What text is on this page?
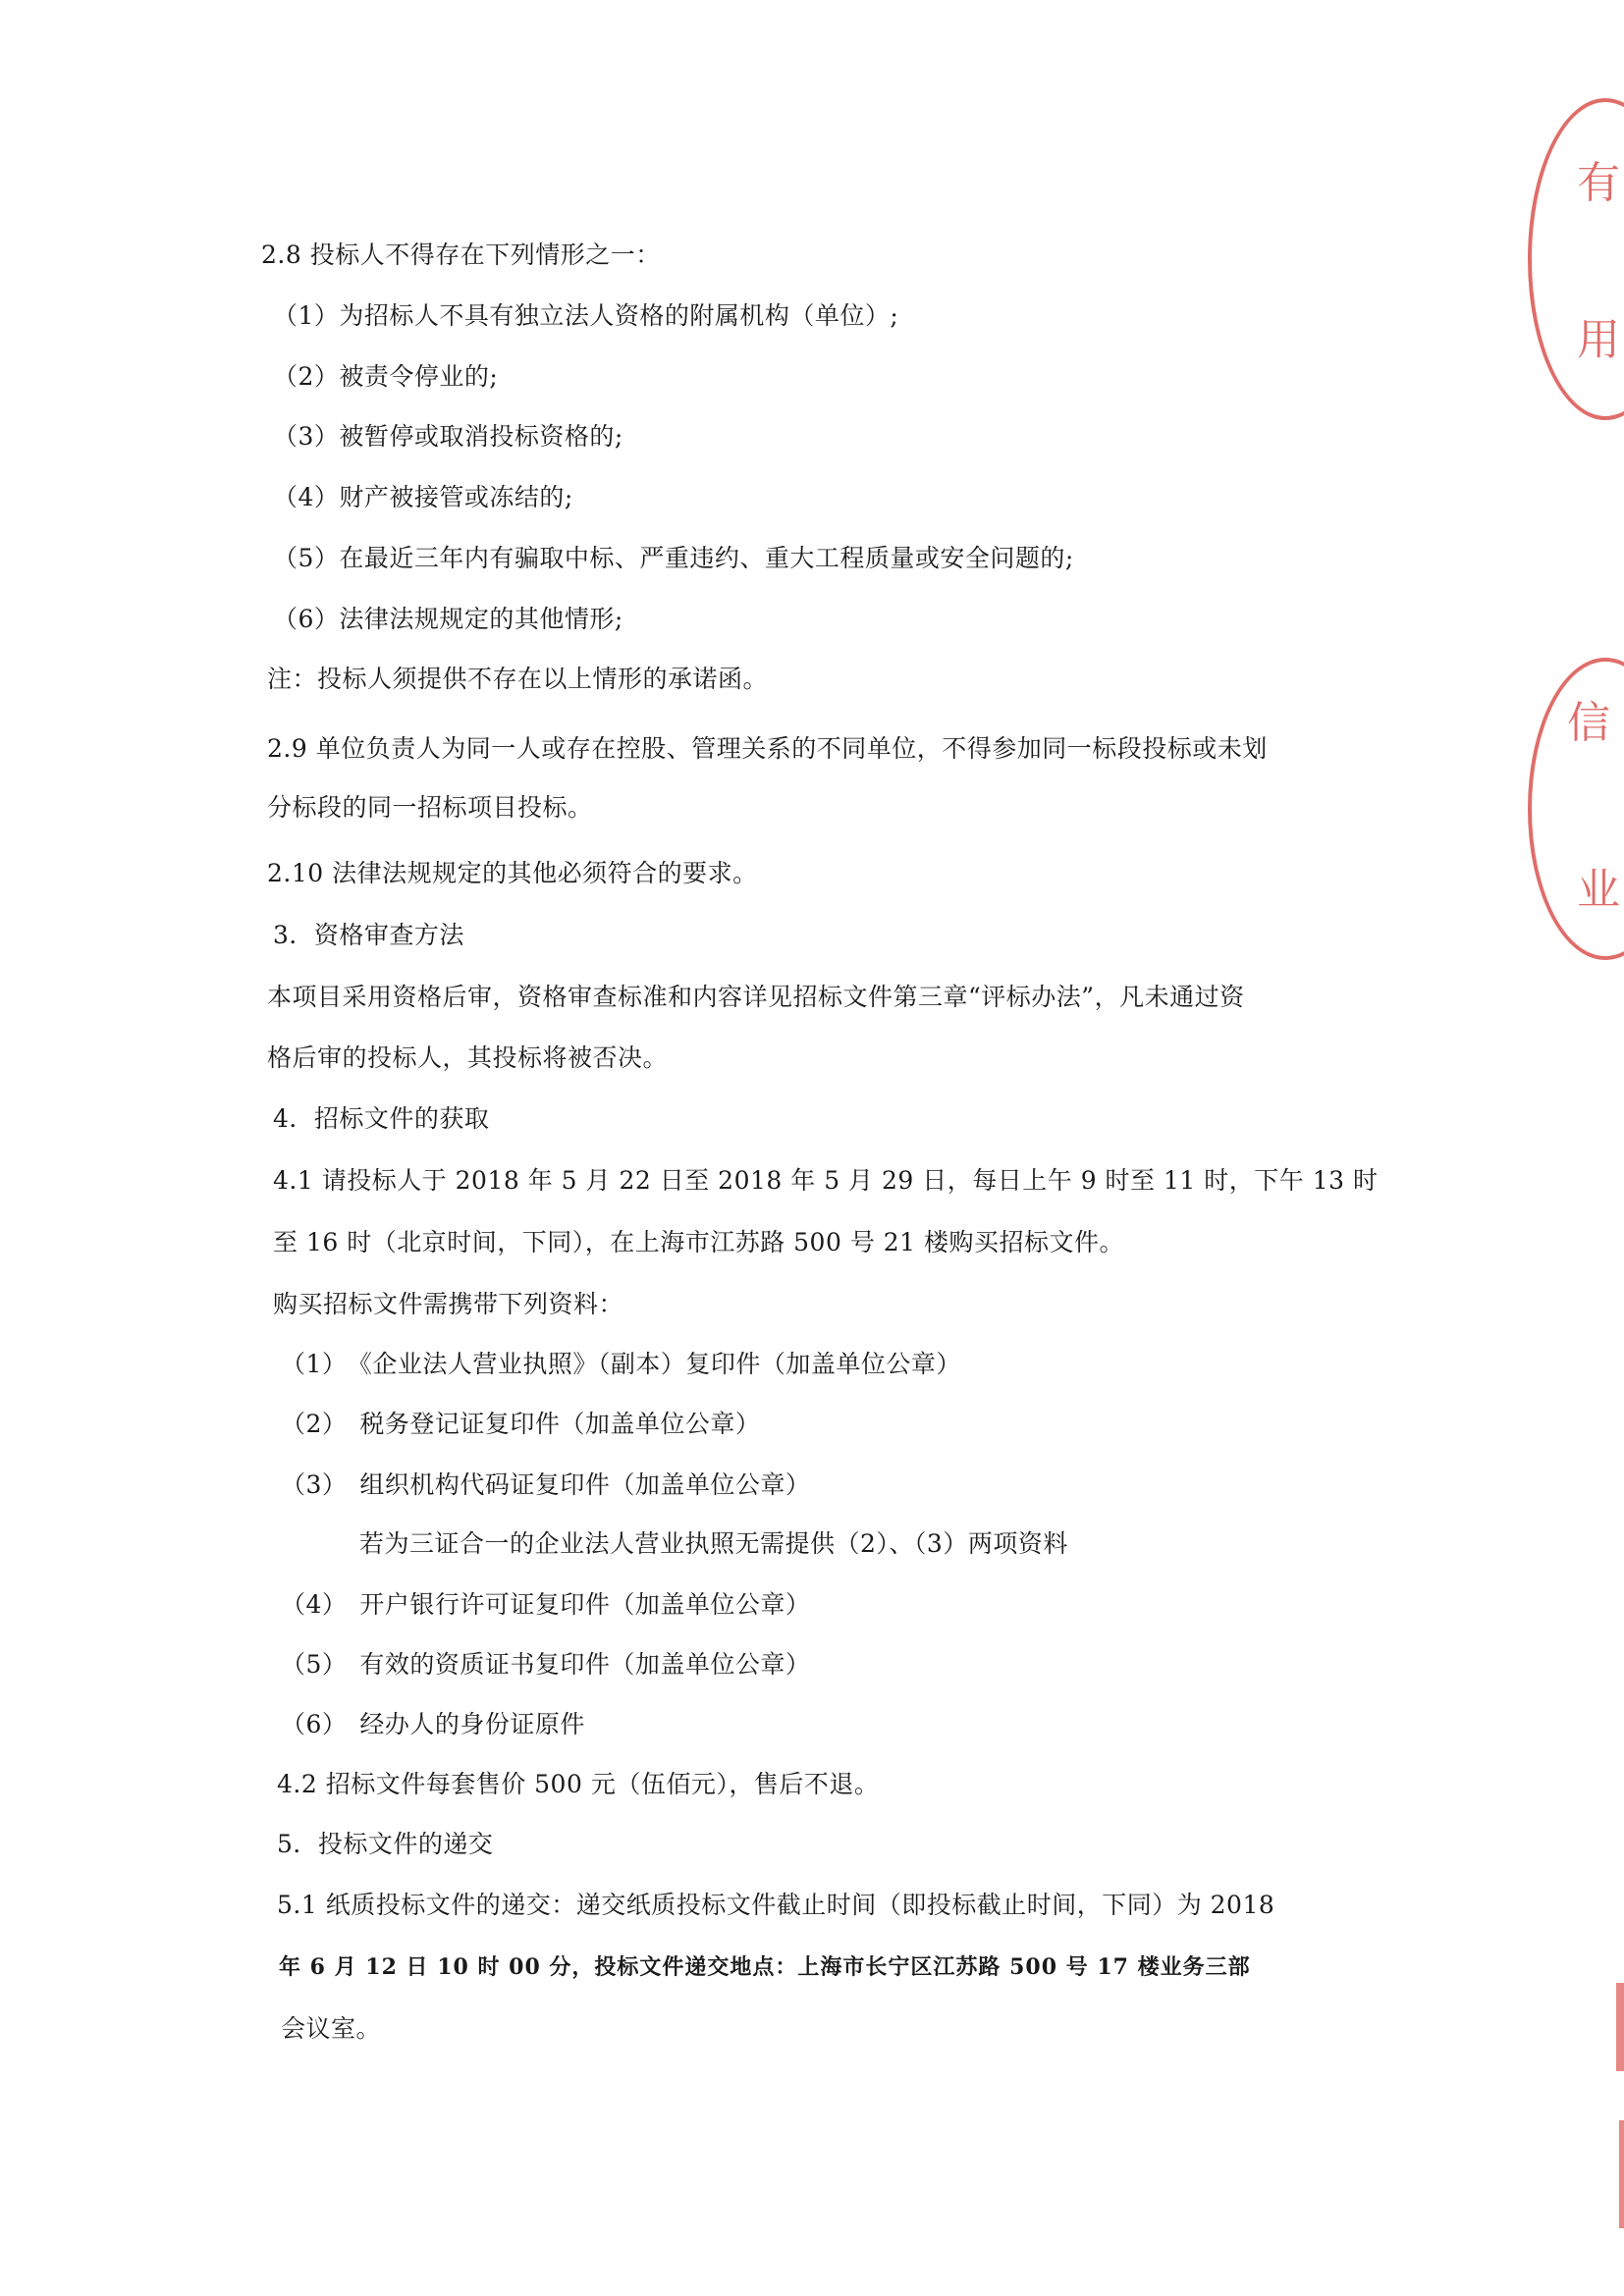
2.8 投标人不得存在下列情形之一：
（1）为招标人不具有独立法人资格的附属机构（单位）;
（2）被责令停业的;
（3）被暂停或取消投标资格的;
（4）财产被接管或冻结的;
（5）在最近三年内有骗取中标、严重违约、重大工程质量或安全问题的;
（6）法律法规规定的其他情形;
注：投标人须提供不存在以上情形的承诺函。
2.9 单位负责人为同一人或存在控股、管理关系的不同单位，不得参加同一标段投标或未划
分标段的同一招标项目投标。
2.10 法律法规规定的其他必须符合的要求。
3．资格审查方法
本项目采用资格后审，资格审查标准和内容详见招标文件第三章“评标办法”，凡未通过资
格后审的投标人，其投标将被否决。
4．招标文件的获取
4.1 请投标人于 2018 年 5 月 22 日至 2018 年 5 月 29 日，每日上午 9 时至 11 时，下午 13 时
至 16 时（北京时间，下同），在上海市江苏路 500 号 21 楼购买招标文件。
购买招标文件需携带下列资料：
（1）　《企业法人营业执照》（副本）复印件（加盖单位公章）
（2）　税务登记证复印件（加盖单位公章）
（3）　组织机构代码证复印件（加盖单位公章）
若为三证合一的企业法人营业执照无需提供（2）、（3）两项资料
（4）　开户银行许可证复印件（加盖单位公章）
（5）　有效的资质证书复印件（加盖单位公章）
（6）　经办人的身份证原件
4.2 招标文件每套售价 500 元（伍佰元），售后不退。
5．投标文件的递交
5.1 纸质投标文件的递交：递交纸质投标文件截止时间（即投标截止时间，下同）为 2018
年 6 月 12 日 10 时 00 分，投标文件递交地点：上海市长宁区江苏路 500 号 17 楼业务三部
会议室。
有
用
信
业
